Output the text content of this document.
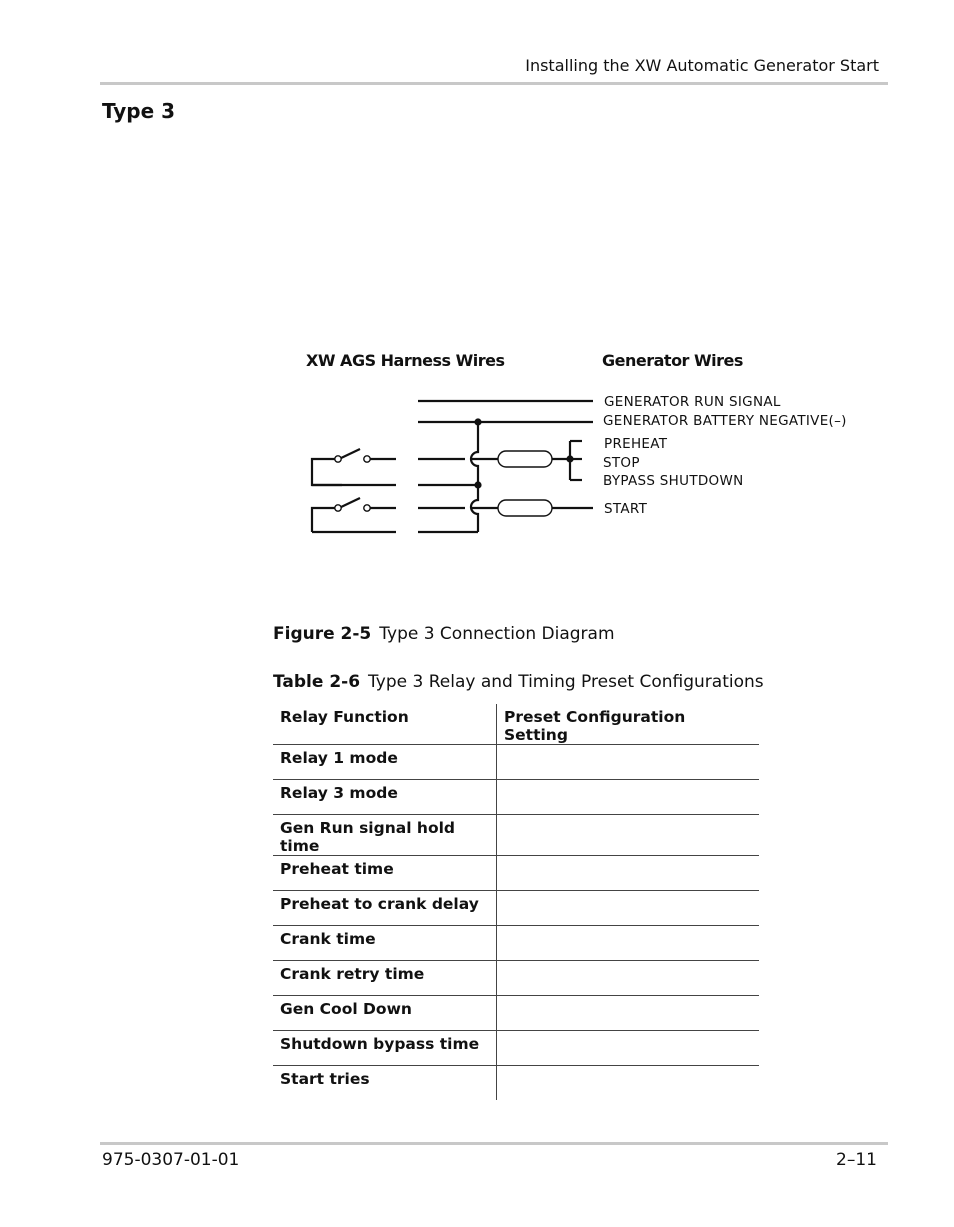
Installing the XW Automatic Generator Start
Type 3
XW AGS Harness Wires	Generator Wires
GENERATOR RUN SIGNAL
GENERATOR BATTERY NEGATIVE(–)
PREHEAT
STOP
BYPASS SHUTDOWN
START
Figure 2-5 Type 3 Connection Diagram
Table 2-6 Type 3 Relay and Timing Preset Configurations
Relay Function	Preset Configuration Setting
Relay 1 mode	
Relay 3 mode	
Gen Run signal hold time	
Preheat time	
Preheat to crank delay	
Crank time	
Crank retry time	
Gen Cool Down	
Shutdown bypass time	
Start tries	
975-0307-01-01	2–11
